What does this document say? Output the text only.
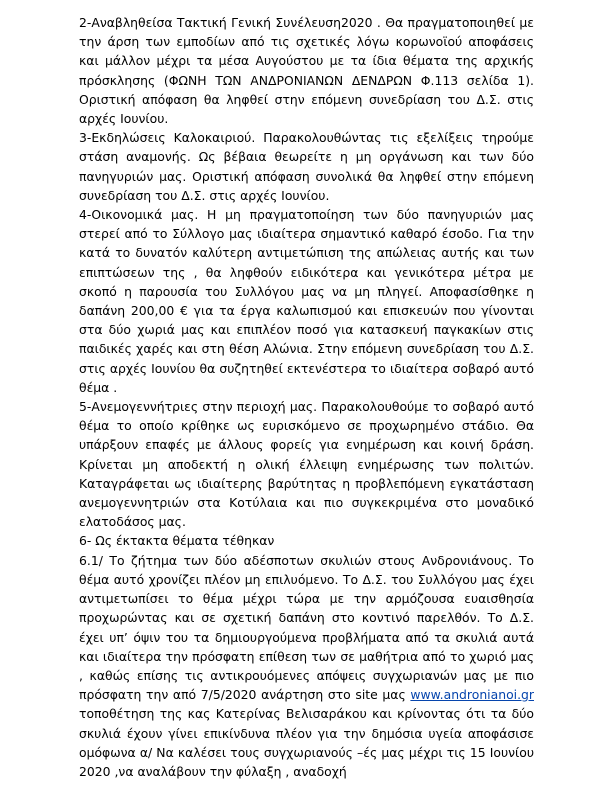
2-Αναβληθείσα Τακτική Γενική Συνέλευση2020 . Θα πραγματοποιηθεί με την άρση των εμποδίων από τις σχετικές λόγω κορωνοϊού αποφάσεις και μάλλον μέχρι τα μέσα Αυγούστου με τα ίδια θέματα της αρχικής πρόσκλησης (ΦΩΝΗ ΤΩΝ ΑΝΔΡΟΝΙΑΝΩΝ ΔΕΝΔΡΩΝ Φ.113 σελίδα 1). Οριστική απόφαση θα ληφθεί στην επόμενη συνεδρίαση του Δ.Σ. στις αρχές Ιουνίου.

3-Εκδηλώσεις Καλοκαιριού. Παρακολουθώντας τις εξελίξεις τηρούμε στάση αναμονής. Ως βέβαια θεωρείτε η μη οργάνωση και των δύο πανηγυριών μας. Οριστική απόφαση συνολικά θα ληφθεί στην επόμενη συνεδρίαση του Δ.Σ. στις αρχές Ιουνίου.

4-Οικονομικά μας. Η μη πραγματοποίηση των δύο πανηγυριών μας στερεί από το Σύλλογο μας ιδιαίτερα σημαντικό καθαρό έσοδο. Για την κατά το δυνατόν καλύτερη αντιμετώπιση της απώλειας αυτής και των επιπτώσεων της , θα ληφθούν ειδικότερα και γενικότερα μέτρα με σκοπό η παρουσία του Συλλόγου μας να μη πληγεί. Αποφασίσθηκε η δαπάνη 200,00 € για τα έργα καλωπισμού και επισκευών που γίνονται στα δύο χωριά μας και επιπλέον ποσό για κατασκευή παγκακίων στις παιδικές χαρές και στη θέση Αλώνια. Στην επόμενη συνεδρίαση του Δ.Σ. στις αρχές Ιουνίου θα συζητηθεί εκτενέστερα το ιδιαίτερα σοβαρό αυτό θέμα .

5-Ανεμογεννήτριες στην περιοχή μας. Παρακολουθούμε το σοβαρό αυτό θέμα το οποίο κρίθηκε ως ευρισκόμενο σε προχωρημένο στάδιο. Θα υπάρξουν επαφές με άλλους φορείς για ενημέρωση και κοινή δράση. Κρίνεται μη αποδεκτή η ολική έλλειψη ενημέρωσης των πολιτών. Καταγράφεται ως ιδιαίτερης βαρύτητας η προβλεπόμενη εγκατάσταση ανεμογεννητριών στα Κοτύλαια και πιο συγκεκριμένα στο μοναδικό ελατοδάσος μας.

6- Ως έκτακτα θέματα τέθηκαν

6.1/ Το ζήτημα των δύο αδέσποτων σκυλιών στους Ανδρονιάνους. Το θέμα αυτό χρονίζει πλέον μη επιλυόμενο. Το Δ.Σ. του Συλλόγου μας έχει αντιμετωπίσει το θέμα μέχρι τώρα με την αρμόζουσα ευαισθησία προχωρώντας και σε σχετική δαπάνη στο κοντινό παρελθόν. Το Δ.Σ. έχει υπ’ όψιν του τα δημιουργούμενα προβλήματα από τα σκυλιά αυτά και ιδιαίτερα την πρόσφατη επίθεση των σε μαθήτρια από το χωριό μας , καθώς επίσης τις αντικρουόμενες απόψεις συγχωριανών μας με πιο πρόσφατη την από 7/5/2020 ανάρτηση στο site μας www.andronianoi.gr τοποθέτηση της κας Κατερίνας Βελισαράκου και κρίνοντας ότι τα δύο σκυλιά έχουν γίνει επικίνδυνα πλέον για την δημόσια υγεία αποφάσισε ομόφωνα α/ Να καλέσει τους συγχωριανούς –ές μας μέχρι τις 15 Ιουνίου 2020 ,να αναλάβουν την φύλαξη , αναδοχή
